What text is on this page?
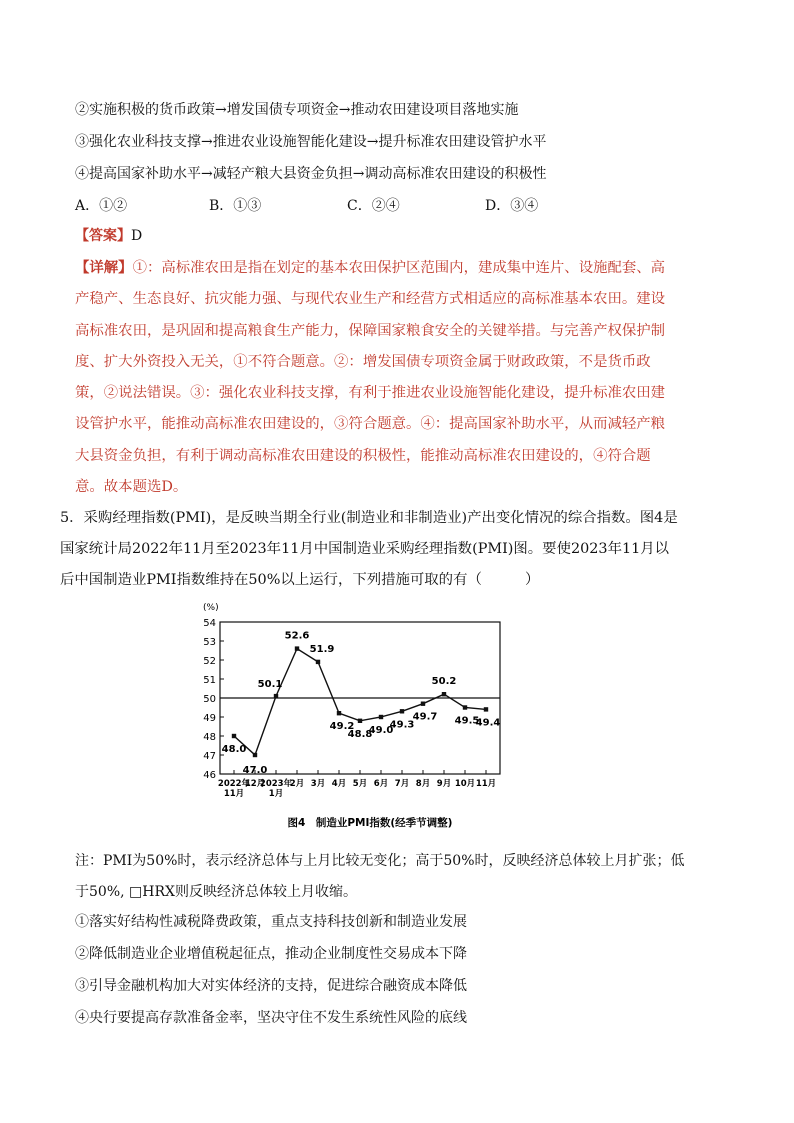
②实施积极的货币政策→增发国债专项资金→推动农田建设项目落地实施
③强化农业科技支撑→推进农业设施智能化建设→提升标准农田建设管护水平
④提高国家补助水平→减轻产粮大县资金负担→调动高标准农田建设的积极性
A．①②	B．①③	C．②④	D．③④
【答案】D
【详解】①：高标准农田是指在划定的基本农田保护区范围内，建成集中连片、设施配套、高产稳产、生态良好、抗灾能力强、与现代农业生产和经营方式相适应的高标准基本农田。建设高标准农田，是巩固和提高粮食生产能力，保障国家粮食安全的关键举措。与完善产权保护制度、扩大外资投入无关，①不符合题意。②：增发国债专项资金属于财政政策，不是货币政策，②说法错误。③：强化农业科技支撑，有利于推进农业设施智能化建设，提升标准农田建设管护水平，能推动高标准农田建设的，③符合题意。④：提高国家补助水平，从而减轻产粮大县资金负担，有利于调动高标准农田建设的积极性，能推动高标准农田建设的，④符合题意。故本题选D。
5．采购经理指数(PMI)，是反映当期全行业(制造业和非制造业)产出变化情况的综合指数。图4是国家统计局2022年11月至2023年11月中国制造业采购经理指数(PMI)图。要使2023年11月以后中国制造业PMI指数维持在50%以上运行，下列措施可取的有（　　　）
(%)
46
47
48
49
50
51
52
53
54
48.0
2022年
11月
47.0
12月
50.1
2023年
1月
52.6
2月
51.9
3月
49.2
4月
48.8
5月
49.0
6月
49.3
7月
49.7
8月
50.2
9月
49.5
10月
49.4
11月
图4　制造业PMI指数(经季节调整)
注：PMI为50%时，表示经济总体与上月比较无变化；高于50%时，反映经济总体较上月扩张；低于50%, □HRX则反映经济总体较上月收缩。
①落实好结构性减税降费政策，重点支持科技创新和制造业发展
②降低制造业企业增值税起征点，推动企业制度性交易成本下降
③引导金融机构加大对实体经济的支持，促进综合融资成本降低
④央行要提高存款准备金率，坚决守住不发生系统性风险的底线
